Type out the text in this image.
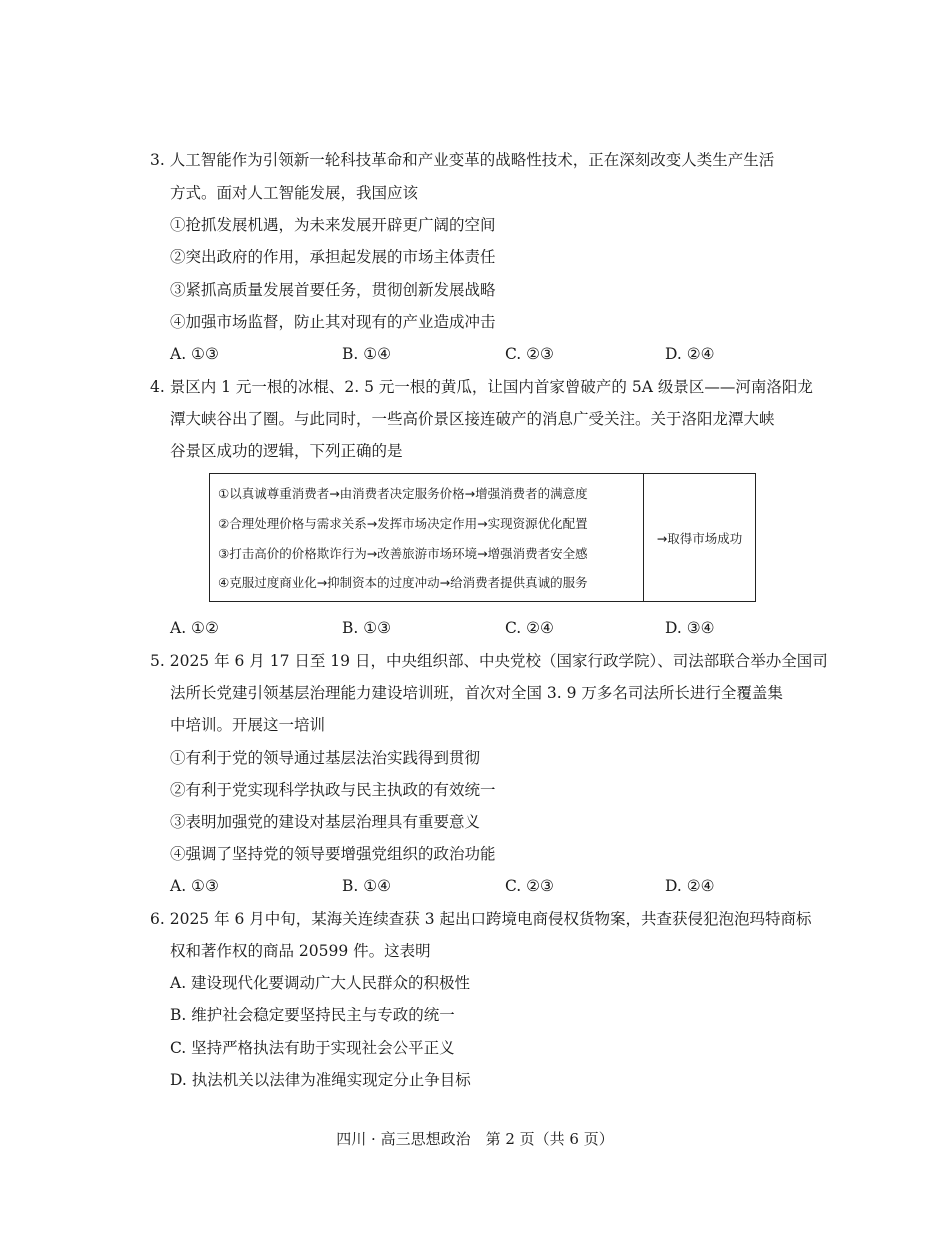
3. 人工智能作为引领新一轮科技革命和产业变革的战略性技术，正在深刻改变人类生产生活
方式。面对人工智能发展，我国应该
①抢抓发展机遇，为未来发展开辟更广阔的空间
②突出政府的作用，承担起发展的市场主体责任
③紧抓高质量发展首要任务，贯彻创新发展战略
④加强市场监督，防止其对现有的产业造成冲击
A. ①③	B. ①④	C. ②③	D. ②④
4. 景区内 1 元一根的冰棍、2. 5 元一根的黄瓜，让国内首家曾破产的 5A 级景区——河南洛阳龙
潭大峡谷出了圈。与此同时，一些高价景区接连破产的消息广受关注。关于洛阳龙潭大峡
谷景区成功的逻辑，下列正确的是
①以真诚尊重消费者→由消费者决定服务价格→增强消费者的满意度
②合理处理价格与需求关系→发挥市场决定作用→实现资源优化配置
③打击高价的价格欺诈行为→改善旅游市场环境→增强消费者安全感
④克服过度商业化→抑制资本的过度冲动→给消费者提供真诚的服务
→取得市场成功
A. ①②	B. ①③	C. ②④	D. ③④
5. 2025 年 6 月 17 日至 19 日，中央组织部、中央党校（国家行政学院）、司法部联合举办全国司
法所长党建引领基层治理能力建设培训班，首次对全国 3. 9 万多名司法所长进行全覆盖集
中培训。开展这一培训
①有利于党的领导通过基层法治实践得到贯彻
②有利于党实现科学执政与民主执政的有效统一
③表明加强党的建设对基层治理具有重要意义
④强调了坚持党的领导要增强党组织的政治功能
A. ①③	B. ①④	C. ②③	D. ②④
6. 2025 年 6 月中旬，某海关连续查获 3 起出口跨境电商侵权货物案，共查获侵犯泡泡玛特商标
权和著作权的商品 20599 件。这表明
A. 建设现代化要调动广大人民群众的积极性
B. 维护社会稳定要坚持民主与专政的统一
C. 坚持严格执法有助于实现社会公平正义
D. 执法机关以法律为准绳实现定分止争目标
四川 · 高三思想政治　第 2 页（共 6 页）
